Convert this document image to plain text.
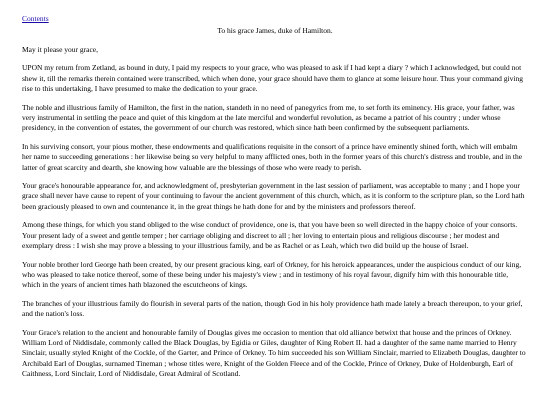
Contents
To his grace James, duke of Hamilton.

May it please your grace,

UPON my return from Zetland, as bound in duty, I paid my respects to your grace, who was pleased to ask if I had kept a diary ? which I acknowledged, but could not shew it, till the remarks therein contained were transcribed, which when done, your grace should have them to glance at some leisure hour. Thus your command giving rise to this undertaking, I have presumed to make the dedication to your grace.

The noble and illustrious family of Hamilton, the first in the nation, standeth in no need of panegyrics from me, to set forth its eminency. His grace, your father, was very instrumental in settling the peace and quiet of this kingdom at the late merciful and wonderful revolution, as became a patriot of his country ; under whose presidency, in the convention of estates, the government of our church was restored, which since hath been confirmed by the subsequent parliaments.

In his surviving consort, your pious mother, these endowments and qualifications requisite in the consort of a prince have eminently shined forth, which will embalm her name to succeeding generations : her likewise being so very helpful to many afflicted ones, both in the former years of this church's distress and trouble, and in the latter of great scarcity and dearth, she knowing how valuable are the blessings of those who were ready to perish.

Your grace's honourable appearance for, and acknowledgment of, presbyterian government in the last session of parliament, was acceptable to many ; and I hope your grace shall never have cause to repent of your continuing to favour the ancient government of this church, which, as it is conform to the scripture plan, so the Lord hath been graciously pleased to own and countenance it, in the great things he hath done for and by the ministers and professors thereof.

Among these things, for which you stand obliged to the wise conduct of providence, one is, that you have been so well directed in the happy choice of your consorts. Your present lady of a sweet and gentle temper ; her carriage obliging and discreet to all ; her loving to entertain pious and religious discourse ; her modest and exemplary dress : I wish she may prove a blessing to your illustrious family, and be as Rachel or as Leah, which two did build up the house of Israel.

Your noble brother lord George hath been created, by our present gracious king, earl of Orkney, for his heroick appearances, under the auspicious conduct of our king, who was pleased to take notice thereof, some of these being under his majesty's view ; and in testimony of his royal favour, dignify him with this honourable title, which in the years of ancient times hath blazoned the escutcheons of kings.

The branches of your illustrious family do flourish in several parts of the nation, though God in his holy providence hath made lately a breach thereupon, to your grief, and the nation's loss.

Your Grace's relation to the ancient and honourable family of Douglas gives me occasion to mention that old alliance betwixt that house and the princes of Orkney. William Lord of Niddisdale, commonly called the Black Douglas, by Egidia or Giles, daughter of King Robert II. had a daughter of the same name married to Henry Sinclair, usually styled Knight of the Cockle, of the Garter, and Prince of Orkney. To him succeeded his son William Sinclair, married to Elizabeth Douglas, daughter to Archibald Earl of Douglas, surnamed Tineman ; whose titles were, Knight of the Golden Fleece and of the Cockle, Prince of Orkney, Duke of Holdenburgh, Earl of Caithness, Lord Sinclair, Lord of Niddisdale, Great Admiral of Scotland.
